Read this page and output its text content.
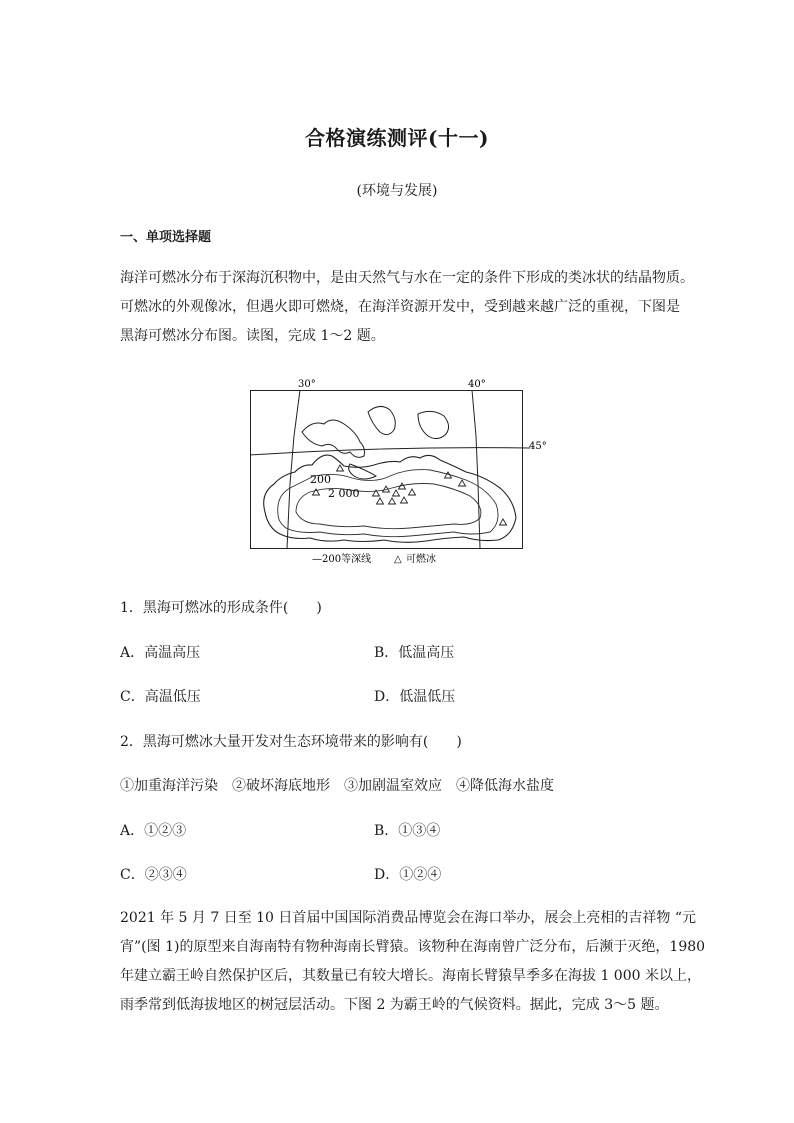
合格演练测评(十一)
(环境与发展)
一、单项选择题
海洋可燃冰分布于深海沉积物中，是由天然气与水在一定的条件下形成的类冰状的结晶物质。
可燃冰的外观像冰，但遇火即可燃烧，在海洋资源开发中，受到越来越广泛的重视，下图是
黑海可燃冰分布图。读图，完成 1～2 题。
30°	40°
45°
200
2 000
—200等深线 △ 可燃冰
1．黑海可燃冰的形成条件(　　)
A．高温高压	B．低温高压
C．高温低压	D．低温低压
2．黑海可燃冰大量开发对生态环境带来的影响有(　　)
①加重海洋污染　②破坏海底地形　③加剧温室效应　④降低海水盐度
A．①②③	B．①③④
C．②③④	D．①②④
2021 年 5 月 7 日至 10 日首届中国国际消费品博览会在海口举办，展会上亮相的吉祥物 “元
宵”(图 1)的原型来自海南特有物种海南长臂猿。该物种在海南曾广泛分布，后濒于灭绝，1980
年建立霸王岭自然保护区后，其数量已有较大增长。海南长臂猿旱季多在海拔 1 000 米以上，
雨季常到低海拔地区的树冠层活动。下图 2 为霸王岭的气候资料。据此，完成 3～5 题。
